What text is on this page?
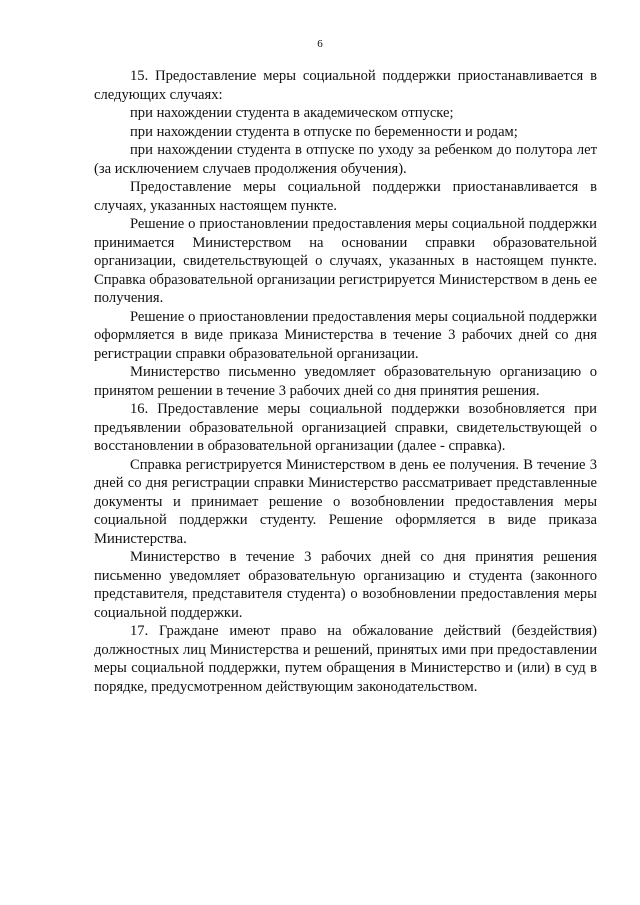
6

15. Предоставление меры социальной поддержки приостанавливается в следующих случаях:

при нахождении студента в академическом отпуске;

при нахождении студента в отпуске по беременности и родам;

при нахождении студента в отпуске по уходу за ребенком до полутора лет (за исключением случаев продолжения обучения).

Предоставление меры социальной поддержки приостанавливается в случаях, указанных настоящем пункте.

Решение о приостановлении предоставления меры социальной поддержки принимается Министерством на основании справки образовательной организации, свидетельствующей о случаях, указанных в настоящем пункте. Справка образовательной организации регистрируется Министерством в день ее получения.

Решение о приостановлении предоставления меры социальной поддержки оформляется в виде приказа Министерства в течение 3 рабочих дней со дня регистрации справки образовательной организации.

Министерство письменно уведомляет образовательную организацию о принятом решении в течение 3 рабочих дней со дня принятия решения.

16. Предоставление меры социальной поддержки возобновляется при предъявлении образовательной организацией справки, свидетельствующей о восстановлении в образовательной организации (далее - справка).

Справка регистрируется Министерством в день ее получения. В течение 3 дней со дня регистрации справки Министерство рассматривает представленные документы и принимает решение о возобновлении предоставления меры социальной поддержки студенту. Решение оформляется в виде приказа Министерства.

Министерство в течение 3 рабочих дней со дня принятия решения письменно уведомляет образовательную организацию и студента (законного представителя, представителя студента) о возобновлении предоставления меры социальной поддержки.

17. Граждане имеют право на обжалование действий (бездействия) должностных лиц Министерства и решений, принятых ими при предоставлении меры социальной поддержки, путем обращения в Министерство и (или) в суд в порядке, предусмотренном действующим законодательством.
